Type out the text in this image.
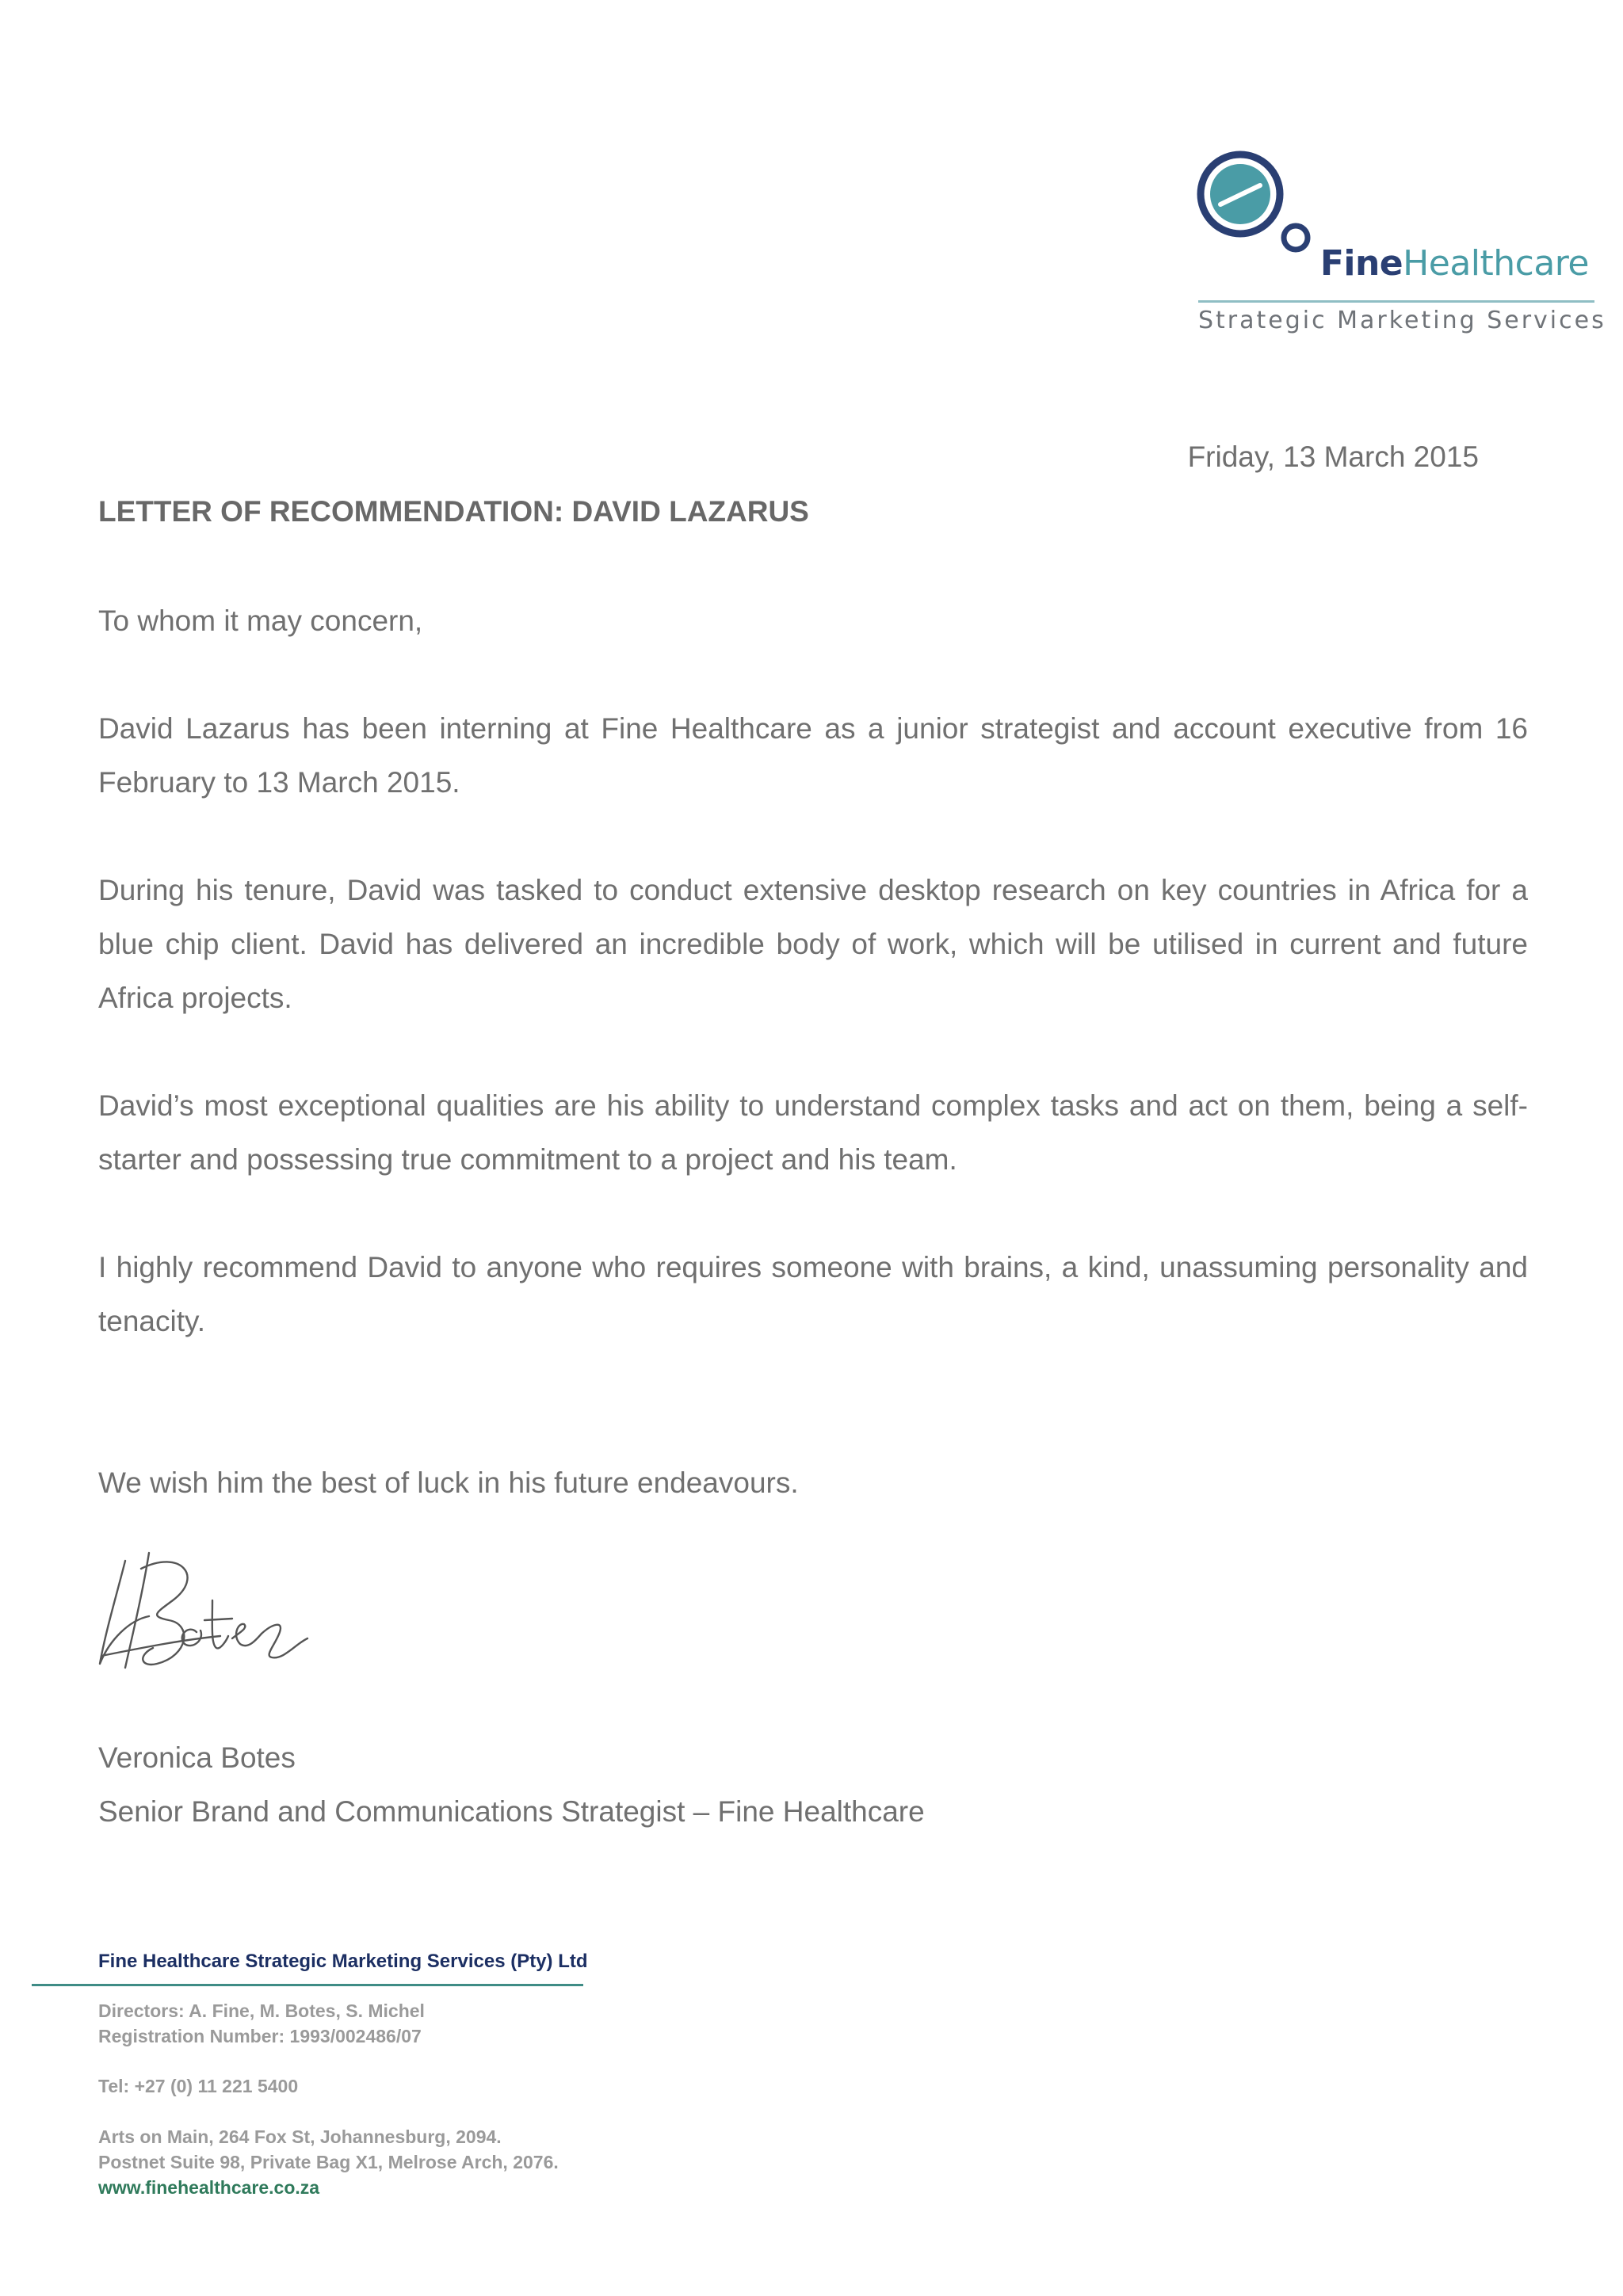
FineHealthcare
Strategic Marketing Services
Friday, 13 March 2015
LETTER OF RECOMMENDATION: DAVID LAZARUS
To whom it may concern,
David Lazarus has been interning at Fine Healthcare as a junior strategist and account executive from 16 February to 13 March 2015.
During his tenure, David was tasked to conduct extensive desktop research on key countries in Africa for a blue chip client. David has delivered an incredible body of work, which will be utilised in current and future Africa projects.
David’s most exceptional qualities are his ability to understand complex tasks and act on them, being a self-starter and possessing true commitment to a project and his team.
I highly recommend David to anyone who requires someone with brains, a kind, unassuming personality and tenacity.
We wish him the best of luck in his future endeavours.
Veronica Botes
Senior Brand and Communications Strategist – Fine Healthcare
Fine Healthcare Strategic Marketing Services (Pty) Ltd
Directors: A. Fine, M. Botes, S. Michel
Registration Number: 1993/002486/07
Tel: +27 (0) 11 221 5400
Arts on Main, 264 Fox St, Johannesburg, 2094.
Postnet Suite 98, Private Bag X1, Melrose Arch, 2076.
www.finehealthcare.co.za
